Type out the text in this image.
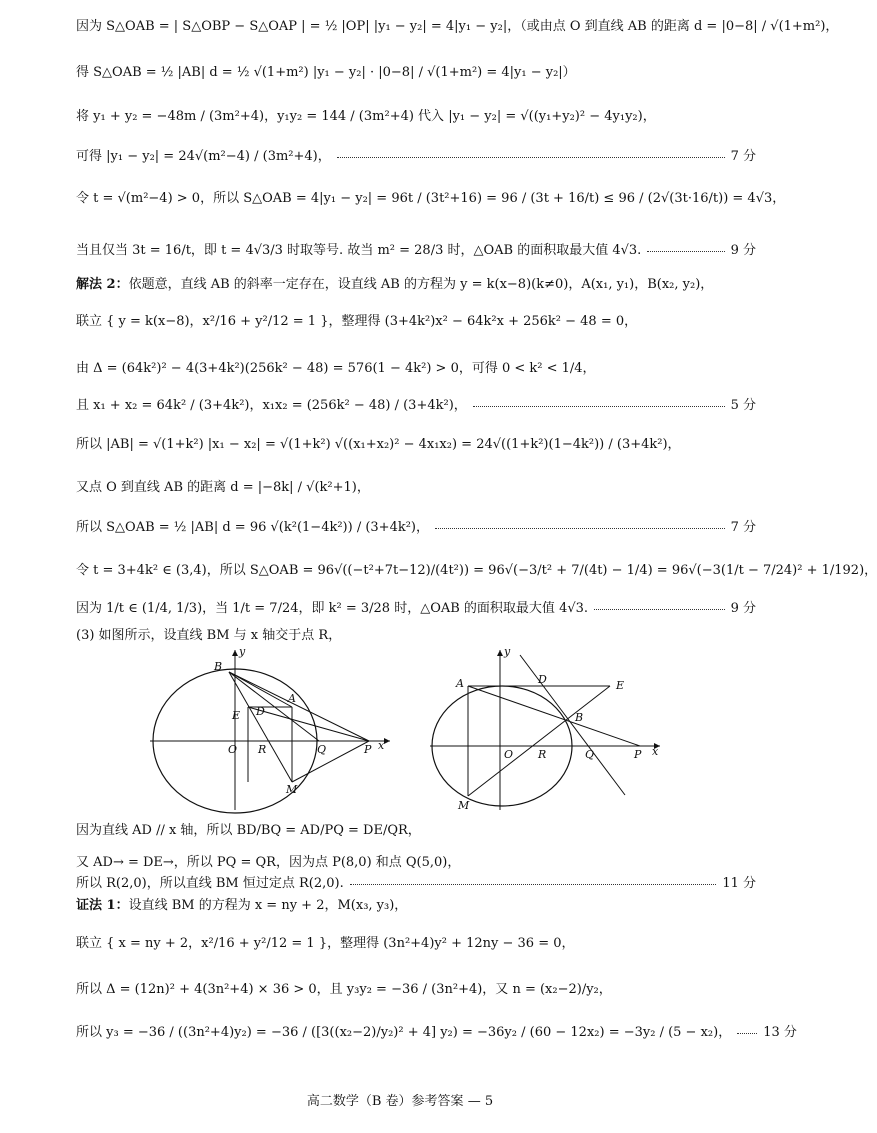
因为 S△OAB = | S△OBP − S△OAP | = ½ |OP| |y₁ − y₂| = 4|y₁ − y₂|，（或由点 O 到直线 AB 的距离 d = |0−8| / √(1+m²)，
得 S△OAB = ½ |AB| d = ½ √(1+m²) |y₁ − y₂| · |0−8| / √(1+m²) = 4|y₁ − y₂|）
将 y₁ + y₂ = −48m / (3m²+4)，y₁y₂ = 144 / (3m²+4) 代入 |y₁ − y₂| = √((y₁+y₂)² − 4y₁y₂)，
可得 |y₁ − y₂| = 24√(m²−4) / (3m²+4)，	7 分
令 t = √(m²−4) > 0，所以 S△OAB = 4|y₁ − y₂| = 96t / (3t²+16) = 96 / (3t + 16/t) ≤ 96 / (2√(3t·16/t)) = 4√3，
当且仅当 3t = 16/t，即 t = 4√3/3 时取等号. 故当 m² = 28/3 时，△OAB 的面积取最大值 4√3.	9 分
解法 2： 依题意，直线 AB 的斜率一定存在，设直线 AB 的方程为 y = k(x−8)(k≠0)，A(x₁, y₁)，B(x₂, y₂)，
联立 { y = k(x−8)，x²/16 + y²/12 = 1 }，整理得 (3+4k²)x² − 64k²x + 256k² − 48 = 0，
由 Δ = (64k²)² − 4(3+4k²)(256k² − 48) = 576(1 − 4k²) > 0，可得 0 < k² < 1/4，
且 x₁ + x₂ = 64k² / (3+4k²)，x₁x₂ = (256k² − 48) / (3+4k²)，	5 分
所以 |AB| = √(1+k²) |x₁ − x₂| = √(1+k²) √((x₁+x₂)² − 4x₁x₂) = 24√((1+k²)(1−4k²)) / (3+4k²)，
又点 O 到直线 AB 的距离 d = |−8k| / √(k²+1)，
所以 S△OAB = ½ |AB| d = 96 √(k²(1−4k²)) / (3+4k²)，	7 分
令 t = 3+4k² ∈ (3,4)，所以 S△OAB = 96√((−t²+7t−12)/(4t²)) = 96√(−3/t² + 7/(4t) − 1/4) = 96√(−3(1/t − 7/24)² + 1/192)，
因为 1/t ∈ (1/4, 1/3)，当 1/t = 7/24，即 k² = 3/28 时，△OAB 的面积取最大值 4√3.	9 分
(3) 如图所示，设直线 BM 与 x 轴交于点 R，
B
A
E D
O R	Q	P
M
x
y
A	D	E
B
O R	Q	P
M
x
y
因为直线 AD // x 轴，所以 BD/BQ = AD/PQ = DE/QR，
又 AD→ = DE→，所以 PQ = QR，因为点 P(8,0) 和点 Q(5,0)，
所以 R(2,0)，所以直线 BM 恒过定点 R(2,0).	11 分
证法 1： 设直线 BM 的方程为 x = ny + 2，M(x₃, y₃)，
联立 { x = ny + 2，x²/16 + y²/12 = 1 }，整理得 (3n²+4)y² + 12ny − 36 = 0，
所以 Δ = (12n)² + 4(3n²+4) × 36 > 0，且 y₃y₂ = −36 / (3n²+4)，又 n = (x₂−2)/y₂，
所以 y₃ = −36 / ((3n²+4)y₂) = −36 / ([3((x₂−2)/y₂)² + 4] y₂) = −36y₂ / (60 − 12x₂) = −3y₂ / (5 − x₂)， 13 分
高二数学（B 卷）参考答案 — 5
